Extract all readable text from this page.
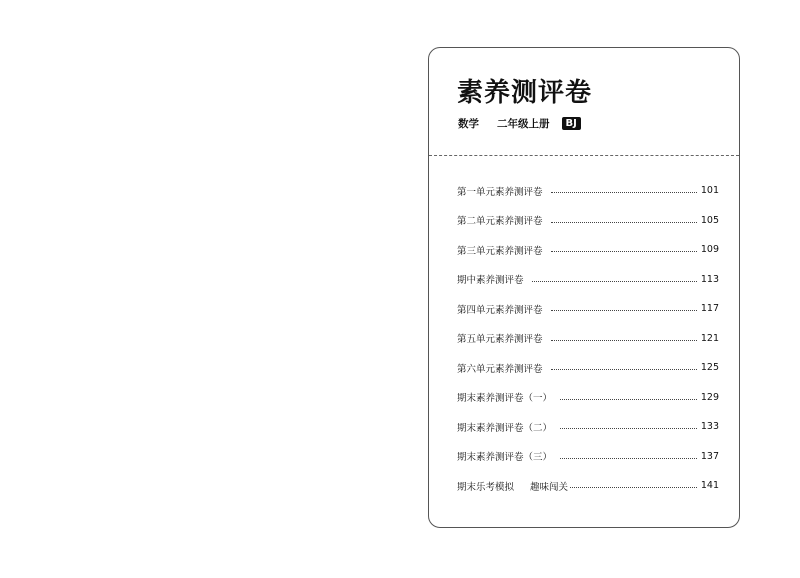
素养测评卷
数学 二年级上册	BJ
第一单元素养测评卷	101
第二单元素养测评卷	105
第三单元素养测评卷	109
期中素养测评卷	113
第四单元素养测评卷	117
第五单元素养测评卷	121
第六单元素养测评卷	125
期末素养测评卷（一）	129
期末素养测评卷（二）	133
期末素养测评卷（三）	137
期末乐考模拟 趣味闯关	141
